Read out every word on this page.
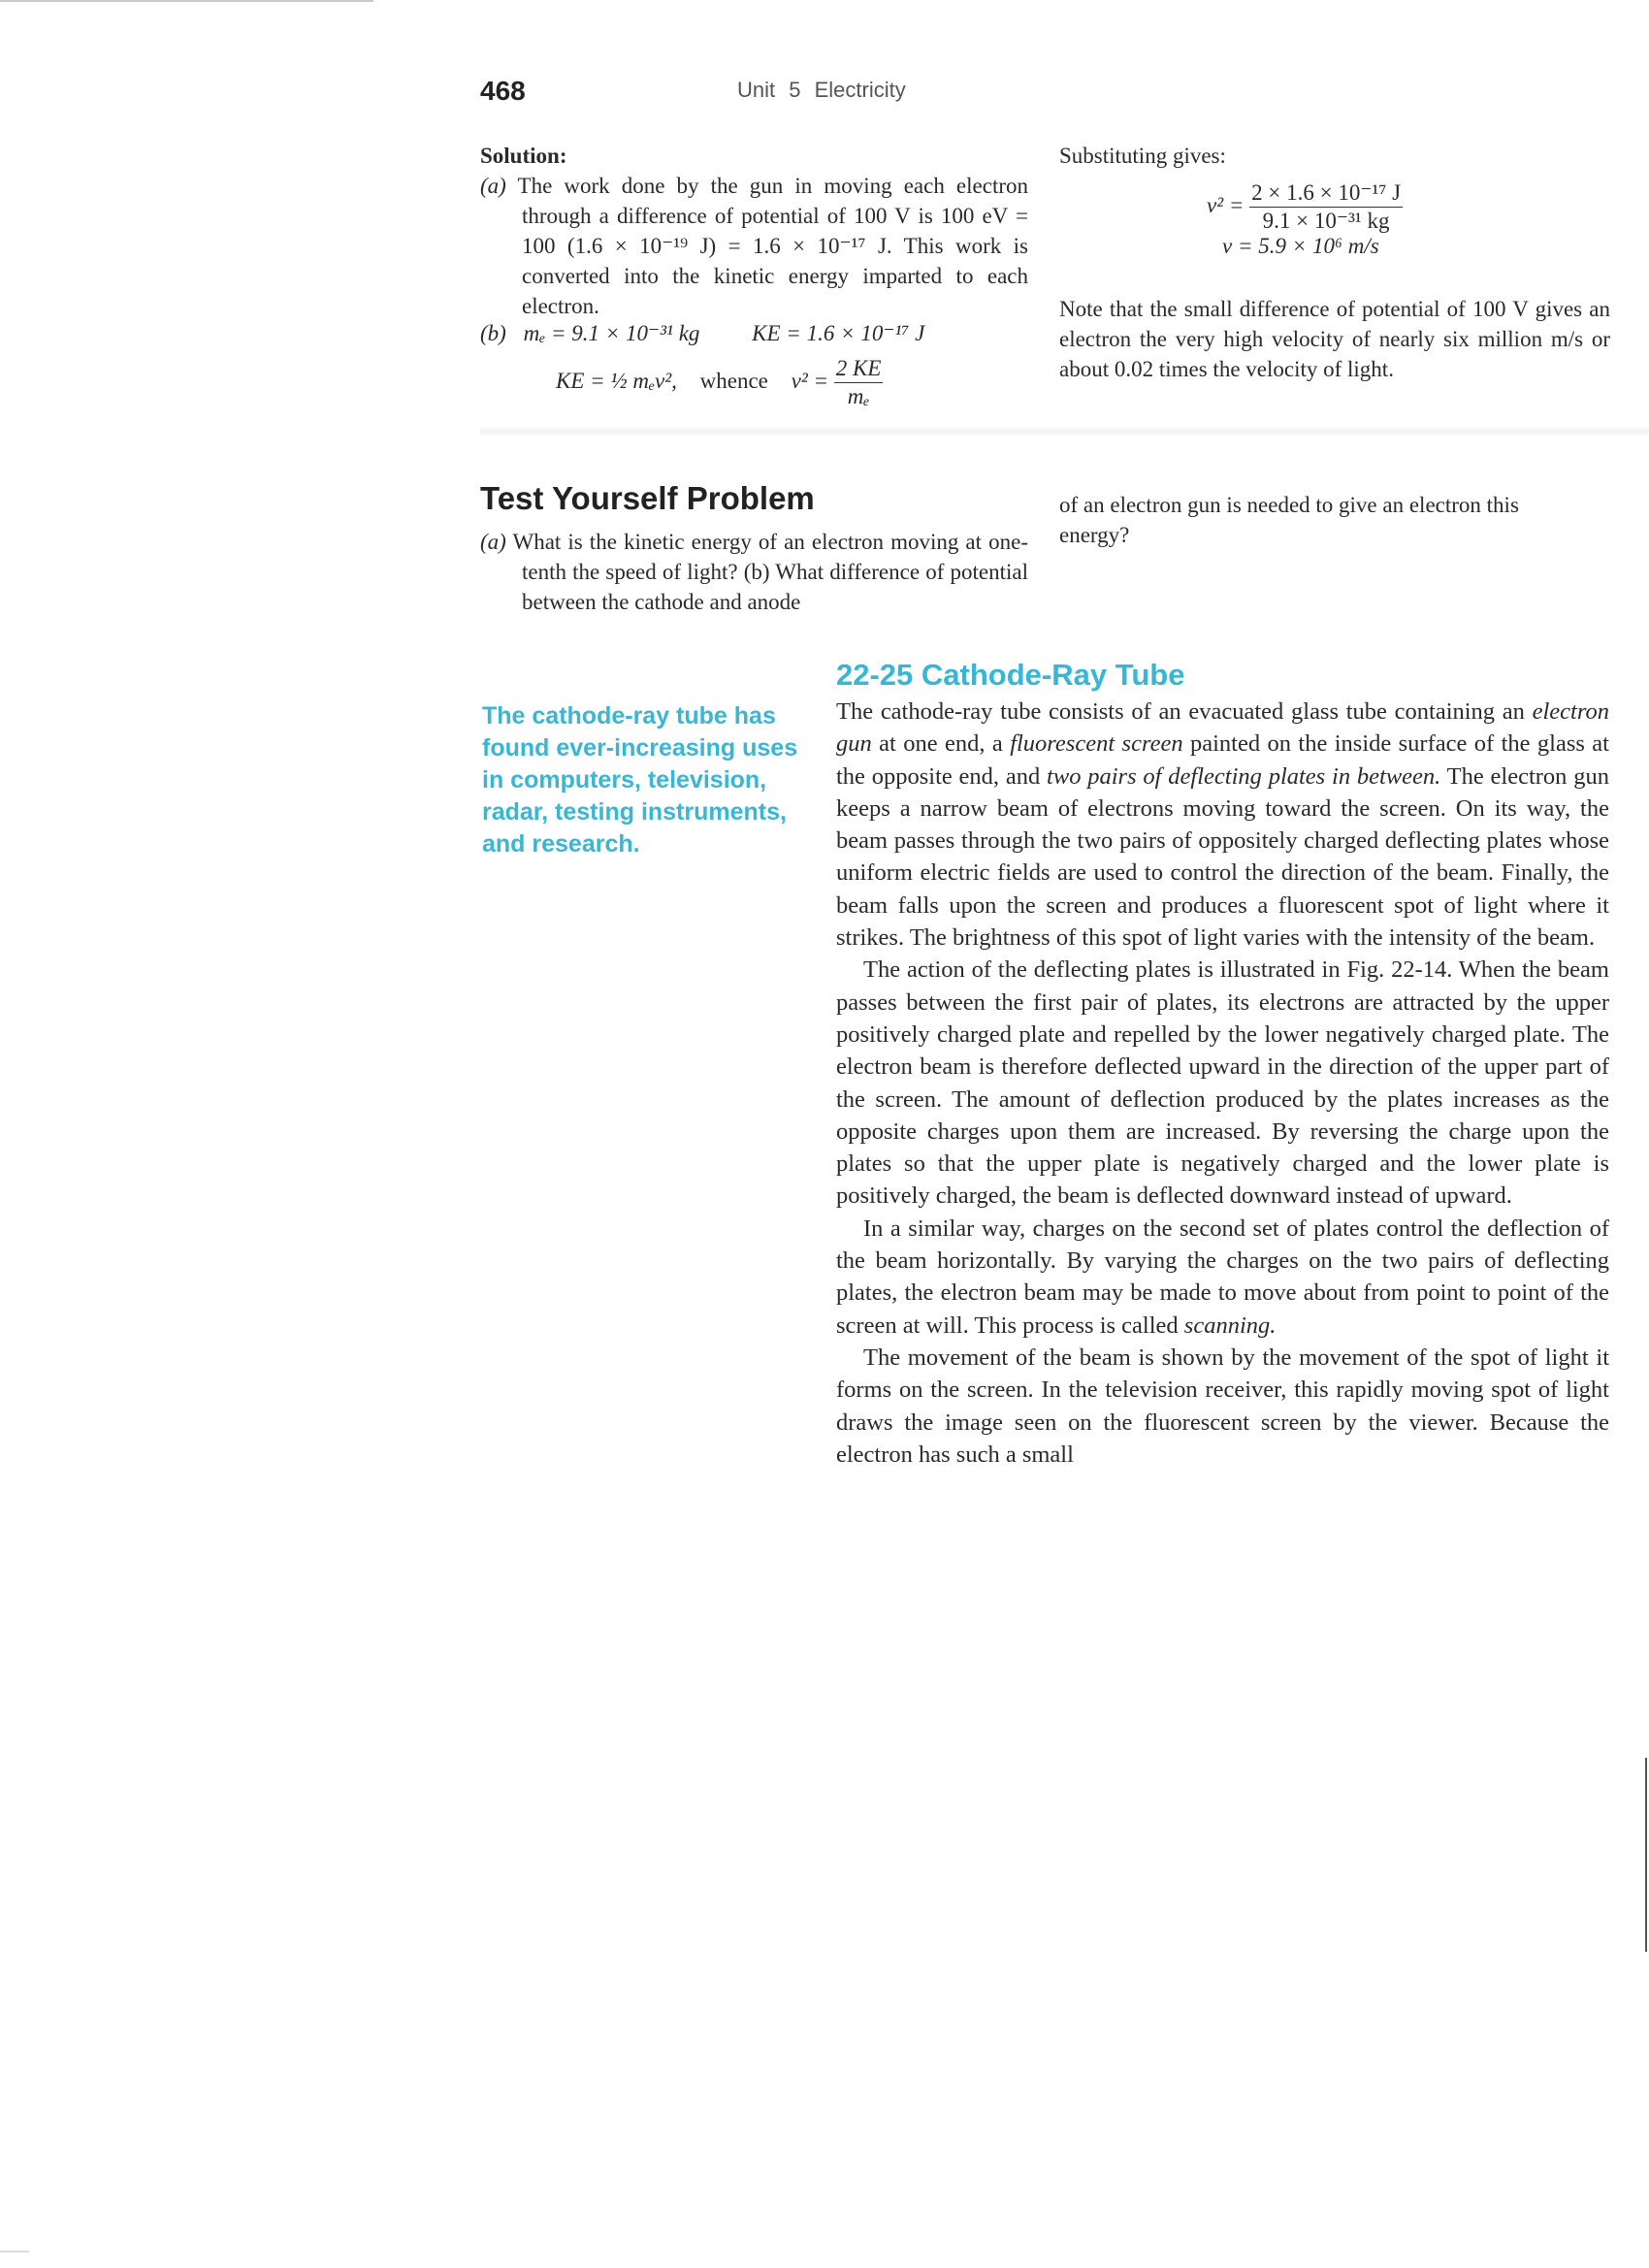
468	Unit 5 Electricity
Solution:

(a) The work done by the gun in moving each electron through a difference of potential of 100 V is 100 eV = 100 (1.6 × 10⁻¹⁹ J) = 1.6 × 10⁻¹⁷ J. This work is converted into the kinetic energy imparted to each electron.

(b) mₑ = 9.1 × 10⁻³¹ kg KE = 1.6 × 10⁻¹⁷ J
KE = ½ mₑv², whence $v^2 = \frac{2 KE}{\text{mₑ}}$
Substituting gives:
$v^2 = \frac{\text{2 × 1.6 × 10⁻¹⁷ J}}{\text{9.1 × 10⁻³¹ kg}}$
v = 5.9 × 10⁶ m/s

Note that the small difference of potential of 100 V gives an electron the very high velocity of nearly six million m/s or about 0.02 times the velocity of light.

Test Yourself Problem

(a) What is the kinetic energy of an electron moving at one-tenth the speed of light? (b) What difference of potential between the cathode and anode

of an electron gun is needed to give an electron this energy?

The cathode-ray tube has found ever-increasing uses in computers, television, radar, testing instruments, and research.
22-25 Cathode-Ray Tube

The cathode-ray tube consists of an evacuated glass tube containing an electron gun at one end, a fluorescent screen painted on the inside surface of the glass at the opposite end, and two pairs of deflecting plates in between. The electron gun keeps a narrow beam of electrons moving toward the screen. On its way, the beam passes through the two pairs of oppositely charged deflecting plates whose uniform electric fields are used to control the direction of the beam. Finally, the beam falls upon the screen and produces a fluorescent spot of light where it strikes. The brightness of this spot of light varies with the intensity of the beam.

The action of the deflecting plates is illustrated in Fig. 22-14. When the beam passes between the first pair of plates, its electrons are attracted by the upper positively charged plate and repelled by the lower negatively charged plate. The electron beam is therefore deflected upward in the direction of the upper part of the screen. The amount of deflection produced by the plates increases as the opposite charges upon them are increased. By reversing the charge upon the plates so that the upper plate is negatively charged and the lower plate is positively charged, the beam is deflected downward instead of upward.

In a similar way, charges on the second set of plates control the deflection of the beam horizontally. By varying the charges on the two pairs of deflecting plates, the electron beam may be made to move about from point to point of the screen at will. This process is called scanning.

The movement of the beam is shown by the movement of the spot of light it forms on the screen. In the television receiver, this rapidly moving spot of light draws the image seen on the fluorescent screen by the viewer. Because the electron has such a small
